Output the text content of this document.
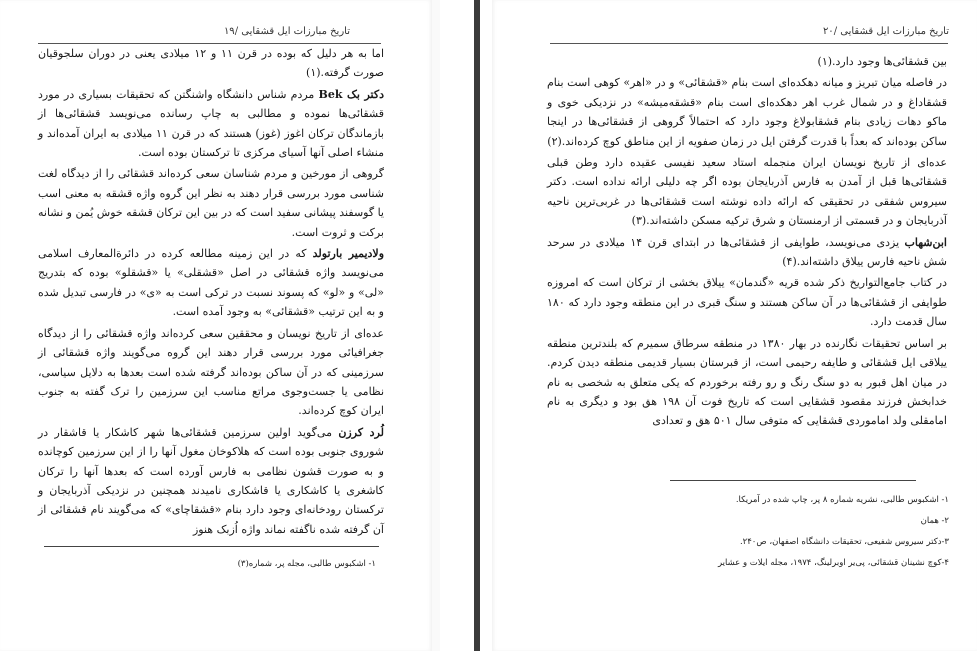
تاریخ مبارزات ایل قشقایی /۱۹

اما به هر دلیل که بوده در قرن ۱۱ و ۱۲ میلادی یعنی در دوران سلجوقیان صورت گرفته.(۱)

دکتر بک Bek مردم شناس دانشگاه واشنگتن که تحقیقات بسیاری در مورد قشقائی‌ها نموده و مطالبی به چاپ رسانده می‌نویسد قشقائی‌ها از بازماندگان ترکان اغوز (غوز) هستند که در قرن ۱۱ میلادی به ایران آمده‌اند و منشاء اصلی آنها آسیای مرکزی تا ترکستان بوده است.

گروهی از مورخین و مردم شناسان سعی کرده‌اند قشقائی را از دیدگاه لغت شناسی مورد بررسی قرار دهند به نظر این گروه واژه قشقه به معنی اسب یا گوسفند پیشانی سفید است که در بین این ترکان قشقه خوش یُمن و نشانه برکت و ثروت است.

ولادیمیر بارتولد که در این زمینه مطالعه کرده در دائرةالمعارف اسلامی می‌نویسد واژه قشقائی در اصل «قشقلی» یا «قشقلو» بوده که بتدریج «لی» و «لو» که پسوند نسبت در ترکی است به «ی» در فارسی تبدیل شده و به این ترتیب «قشقائی» به وجود آمده است.

عده‌ای از تاریخ نویسان و محققین سعی کرده‌اند واژه قشقائی را از دیدگاه جغرافیائی مورد بررسی قرار دهند این گروه می‌گویند واژه قشقائی از سرزمینی که در آن ساکن بوده‌اند گرفته شده است بعدها به دلایل سیاسی، نظامی یا جست‌وجوی مراتع مناسب این سرزمین را ترک گفته به جنوب ایران کوچ کرده‌اند.

لُرد کرزن می‌گوید اولین سرزمین قشقائی‌ها شهر کاشکار یا قاشقار در شوروی جنوبی بوده است که هلاکوخان مغول آنها را از این سرزمین کوچانده و به صورت قشون نظامی به فارس آورده است که بعدها آنها را ترکان کاشغری یا کاشکاری یا قاشکاری نامیدند همچنین در نزدیکی آذربایجان و ترکستان رودخانه‌ای وجود دارد بنام «قشقاچای» که می‌گویند نام قشقائی از آن گرفته شده ناگفته نماند واژه اُزبک هنوز

۱- اشکبوس طالبی، مجله پر، شماره(۳)
تاریخ مبارزات ایل قشقایی /۲۰

بین قشقائی‌ها وجود دارد.(۱)

در فاصله میان تبریز و میانه دهکده‌ای است بنام «قشقائی» و در «اهر» کوهی است بنام قشقاداغ و در شمال غرب اهر دهکده‌ای است بنام «قشقه‌میشه» در نزدیکی خوی و ماکو دهات زیادی بنام قشقابولاغ وجود دارد که احتمالاً گروهی از قشقائی‌ها در اینجا ساکن بوده‌اند که بعداً با قدرت گرفتن ایل در زمان صفویه از این مناطق کوچ کرده‌اند.(۲)

عده‌ای از تاریخ نویسان ایران منجمله استاد سعید نفیسی عقیده دارد وطن قبلی قشقائی‌ها قبل از آمدن به فارس آذربایجان بوده اگر چه دلیلی ارائه نداده است. دکتر سیروس شفقی در تحقیقی که ارائه داده نوشته است قشقائی‌ها در غربی‌ترین ناحیه آذربایجان و در قسمتی از ارمنستان و شرق ترکیه مسکن داشته‌اند.(۳)

ابن‌شهاب یزدی می‌نویسد، طوایفی از قشقائی‌ها در ابتدای قرن ۱۴ میلادی در سرحد شش ناحیه فارس ییلاق داشته‌اند.(۴)

در کتاب جامع‌التواریخ ذکر شده قریه «گندمان» ییلاق بخشی از ترکان است که امروزه طوایفی از قشقائی‌ها در آن ساکن هستند و سنگ قبری در این منطقه وجود دارد که ۱۸۰ سال قدمت دارد.

بر اساس تحقیقات نگارنده در بهار ۱۳۸۰ در منطقه سرطاق سمیرم که بلندترین منطقه ییلاقی ایل قشقائی و طایفه رحیمی است، از قبرستان بسیار قدیمی منطقه دیدن کردم. در میان اهل قبور به دو سنگ رنگ و رو رفته برخوردم که یکی متعلق به شخصی به نام خدابخش فرزند مقصود قشقایی است که تاریخ فوت آن ۱۹۸ هق بود و دیگری به نام امامقلی ولد اماموردی قشقایی که متوفی سال ۵۰۱ هق و تعدادی

۱- اشکبوس طالبی، نشریه شماره ۸ پر، چاپ شده در آمریکا.
۲- همان
۳-دکتر سیروس شفیعی، تحقیقات دانشگاه اصفهان، ص۲۴۰.
۴-کوچ نشینان قشقائی، پی‌یر اوبرلینگ، ۱۹۷۴، مجله ایلات و عشایر
